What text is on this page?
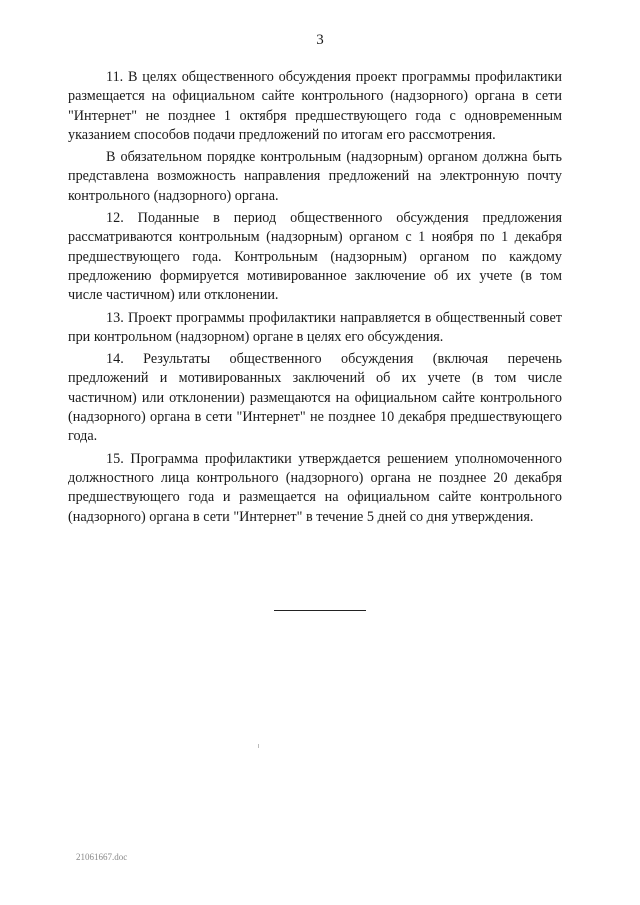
3

11. В целях общественного обсуждения проект программы профилактики размещается на официальном сайте контрольного (надзорного) органа в сети "Интернет" не позднее 1 октября предшествующего года с одновременным указанием способов подачи предложений по итогам его рассмотрения.

В обязательном порядке контрольным (надзорным) органом должна быть представлена возможность направления предложений на электронную почту контрольного (надзорного) органа.

12. Поданные в период общественного обсуждения предложения рассматриваются контрольным (надзорным) органом с 1 ноября по 1 декабря предшествующего года. Контрольным (надзорным) органом по каждому предложению формируется мотивированное заключение об их учете (в том числе частичном) или отклонении.

13. Проект программы профилактики направляется в общественный совет при контрольном (надзорном) органе в целях его обсуждения.

14. Результаты общественного обсуждения (включая перечень предложений и мотивированных заключений об их учете (в том числе частичном) или отклонении) размещаются на официальном сайте контрольного (надзорного) органа в сети "Интернет" не позднее 10 декабря предшествующего года.

15. Программа профилактики утверждается решением уполномоченного должностного лица контрольного (надзорного) органа не позднее 20 декабря предшествующего года и размещается на официальном сайте контрольного (надзорного) органа в сети "Интернет" в течение 5 дней со дня утверждения.

21061667.doc
